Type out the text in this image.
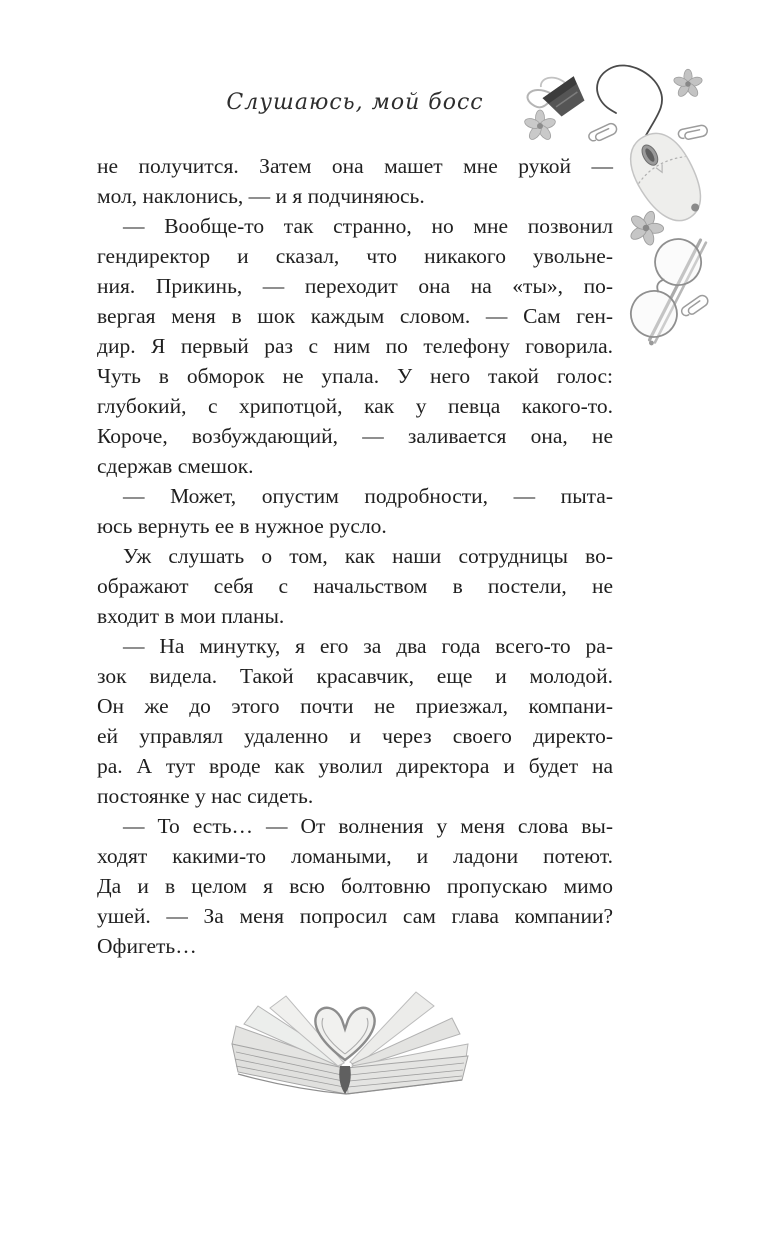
Слушаюсь, мой босс
не получится. Затем она машет мне рукой —
мол, наклонись, — и я подчиняюсь.
— Вообще-то так странно, но мне позвонил
гендиректор и сказал, что никакого увольне-
ния. Прикинь, — переходит она на «ты», по-
вергая меня в шок каждым словом. — Сам ген-
дир. Я первый раз с ним по телефону говорила.
Чуть в обморок не упала. У него такой голос:
глубокий, с хрипотцой, как у певца какого-то.
Короче, возбуждающий, — заливается она, не
сдержав смешок.
— Может, опустим подробности, — пыта-
юсь вернуть ее в нужное русло.
Уж слушать о том, как наши сотрудницы во-
ображают себя с начальством в постели, не
входит в мои планы.
— На минутку, я его за два года всего-то ра-
зок видела. Такой красавчик, еще и молодой.
Он же до этого почти не приезжал, компани-
ей управлял удаленно и через своего директо-
ра. А тут вроде как уволил директора и будет на
постоянке у нас сидеть.
— То есть… — От волнения у меня слова вы-
ходят какими-то ломаными, и ладони потеют.
Да и в целом я всю болтовню пропускаю мимо
ушей. — За меня попросил сам глава компании?
Офигеть…
